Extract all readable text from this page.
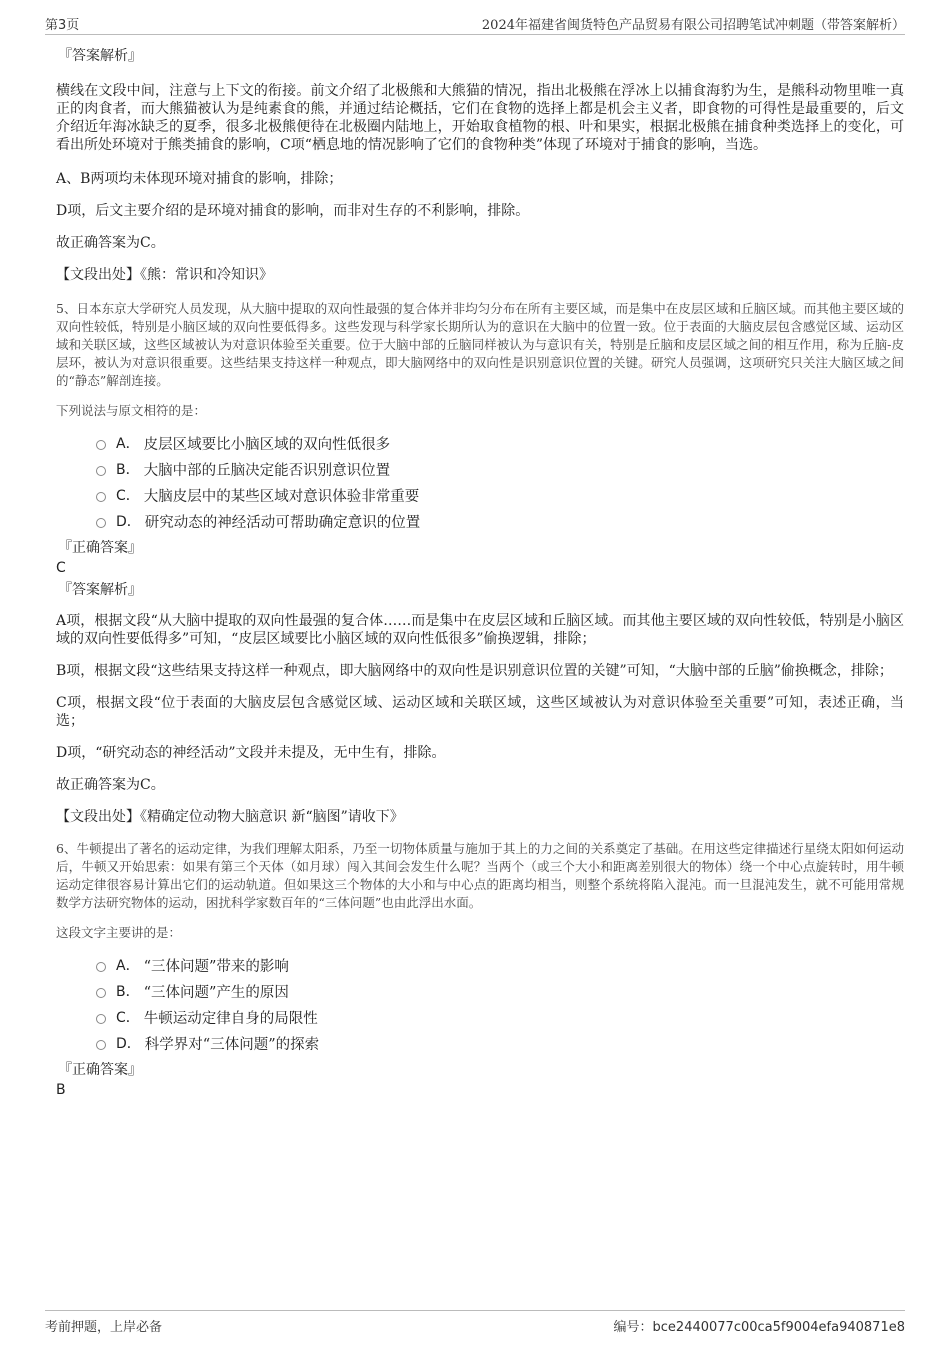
第3页	2024年福建省闽货特色产品贸易有限公司招聘笔试冲刺题（带答案解析）
『答案解析』

横线在文段中间，注意与上下文的衔接。前文介绍了北极熊和大熊猫的情况，指出北极熊在浮冰上以捕食海豹为生，是熊科动物里唯一真正的肉食者，而大熊猫被认为是纯素食的熊，并通过结论概括，它们在食物的选择上都是机会主义者，即食物的可得性是最重要的，后文介绍近年海冰缺乏的夏季，很多北极熊便待在北极圈内陆地上，开始取食植物的根、叶和果实，根据北极熊在捕食种类选择上的变化，可看出所处环境对于熊类捕食的影响，C项“栖息地的情况影响了它们的食物种类”体现了环境对于捕食的影响，当选。

A、B两项均未体现环境对捕食的影响，排除；

D项，后文主要介绍的是环境对捕食的影响，而非对生存的不利影响，排除。

故正确答案为C。

【文段出处】《熊：常识和冷知识》

5、日本东京大学研究人员发现，从大脑中提取的双向性最强的复合体并非均匀分布在所有主要区域，而是集中在皮层区域和丘脑区域。而其他主要区域的双向性较低，特别是小脑区域的双向性要低得多。这些发现与科学家长期所认为的意识在大脑中的位置一致。位于表面的大脑皮层包含感觉区域、运动区域和关联区域，这些区域被认为对意识体验至关重要。位于大脑中部的丘脑同样被认为与意识有关，特别是丘脑和皮层区域之间的相互作用，称为丘脑-皮层环，被认为对意识很重要。这些结果支持这样一种观点，即大脑网络中的双向性是识别意识位置的关键。研究人员强调，这项研究只关注大脑区域之间的“静态”解剖连接。

下列说法与原文相符的是：

A． 皮层区域要比小脑区域的双向性低很多
B． 大脑中部的丘脑决定能否识别意识位置
C． 大脑皮层中的某些区域对意识体验非常重要
D． 研究动态的神经活动可帮助确定意识的位置
『正确答案』
C
『答案解析』

A项，根据文段“从大脑中提取的双向性最强的复合体……而是集中在皮层区域和丘脑区域。而其他主要区域的双向性较低，特别是小脑区域的双向性要低得多”可知，“皮层区域要比小脑区域的双向性低很多”偷换逻辑，排除；

B项，根据文段“这些结果支持这样一种观点，即大脑网络中的双向性是识别意识位置的关键”可知，“大脑中部的丘脑”偷换概念，排除；

C项，根据文段“位于表面的大脑皮层包含感觉区域、运动区域和关联区域，这些区域被认为对意识体验至关重要”可知，表述正确，当选；

D项，“研究动态的神经活动”文段并未提及，无中生有，排除。

故正确答案为C。

【文段出处】《精确定位动物大脑意识 新“脑图”请收下》

6、牛顿提出了著名的运动定律，为我们理解太阳系，乃至一切物体质量与施加于其上的力之间的关系奠定了基础。在用这些定律描述行星绕太阳如何运动后，牛顿又开始思索：如果有第三个天体（如月球）闯入其间会发生什么呢？当两个（或三个大小和距离差别很大的物体）绕一个中心点旋转时，用牛顿运动定律很容易计算出它们的运动轨道。但如果这三个物体的大小和与中心点的距离均相当，则整个系统将陷入混沌。而一旦混沌发生，就不可能用常规数学方法研究物体的运动，困扰科学家数百年的“三体问题”也由此浮出水面。

这段文字主要讲的是：

A． “三体问题”带来的影响
B． “三体问题”产生的原因
C． 牛顿运动定律自身的局限性
D． 科学界对“三体问题”的探索
『正确答案』
B
考前押题，上岸必备	编号：bce2440077c00ca5f9004efa940871e8
